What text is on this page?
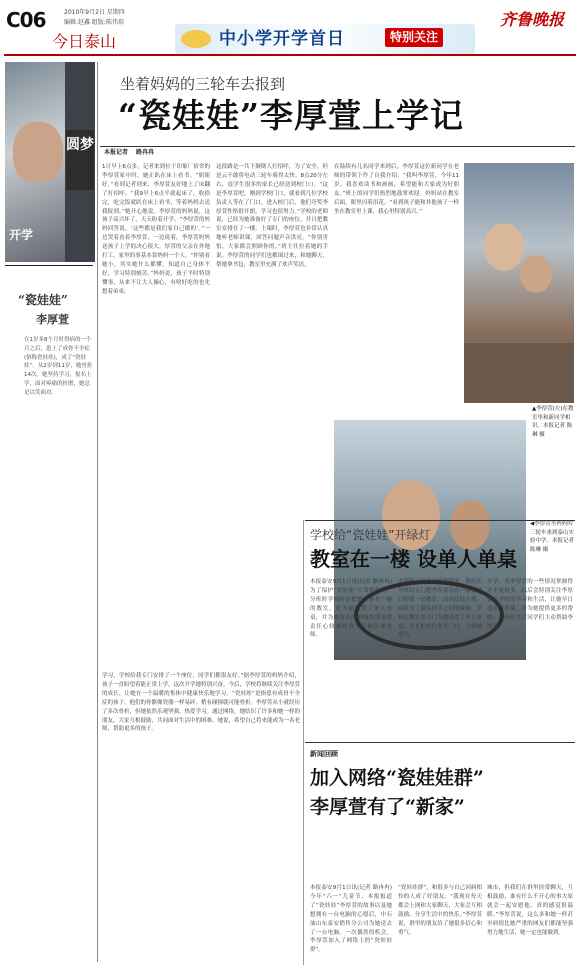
C06	2010年9月2日 星期四
编辑:赵鑫 组版:陈伟琼
今日泰山	中小学开学首日	特别关注
齐鲁晚报
开学
圆梦
“瓷娃娃”
李厚萱
在1岁多8个月时得病的一个月之后，患上了成骨不全症(俗称瓷娃娃)，成了“瓷娃娃”。从2岁到11岁，她骨折14次。她坚持学习，报名上学，面对疼痛的折磨，她总是以笑面对。
坐着妈妈的三轮车去报到
“瓷娃娃”李厚萱上学记
本报记者 路冉冉
1日早上6点多，记者来到位于印象厂宿舍的李厚萱家中时，她正趴在床上看书。“姐姐好，”看到记者到来，李厚萱友好地上了床翻了打招呼。“我9早上6点半就起床了，收拾完，吃完饭就趴在床上看书，等着妈妈去送我报到。”她开心地说。李厚萱的妈妈说，这孩子高兴坏了，天天盼着开学。“李厚萱的妈妈回答说，‘这些都是我们家自己做的’。”一边哭着看着李厚萱，一边说着，李厚萱妈妈送孩子上学的决心很大。厚萱的父亲在外地打工，家里的事基本靠妈妈一个人。“你别看她小，其实她什么都懂，知道自己身体不好，学习特别刻苦。”妈妈说，孩子平时特别懂事，从来不让大人操心，有啥好吃的也先想着弟弟。
这段路是一共下颠倒人打招呼，为了安全，但是云不敢将电动三轮车骑得太快。8点20分左右，退学生很多的家长已经送到校门口。“这是李厚萱吧，刚到学校门口，就看到几位学校负责人等在了门口，进入校门后，他们夸奖李厚萱性格很开朗，学习也很努力。”学校的老师说，已经为她准备好了专门的座位，并且把教室安排在了一楼。上课时，李厚萱也非常认真地听老师讲课，回答问题声音洪亮。“你别害怕，大家都会照顾你的。”班主任拉着她的手说。李厚萱的同学们也都围过来，和她聊天，帮她拿书包，教室里充满了欢声笑语。
在陆续有几名同学来到后，李厚萱这位新同学在老师的带领下作了自我介绍：“我叫李厚萱，今年11岁，我喜欢读书和画画，希望能和大家成为好朋友。”班上的同学们热烈地鼓掌欢迎。妈妈站在教室后面，眼里闪着泪花。“看到孩子能和其他孩子一样坐在教室里上课，我心里特别高兴。”
▲李厚萱(左)在教室里和新同学相识。本报记者 陈琳 摄
◀李厚萱坐妈妈的三轮车来到泰山实验中学。本报记者 陈琳 摄
学习，学校给我专门安排了一个座位，同学们都很友好。”据李厚萱的妈妈介绍，孩子一直盼望着能正常上学，这次开学她特别兴奋。今后，学校将继续关注李厚萱的成长，让她在一个温暖的集体中健康快乐地学习。“瓷娃娃”是指患有成骨不全症的孩子，他们的骨骼像瓷器一样易碎，稍有碰撞就可能骨折。李厚萱从小就经历了多次骨折，但她依然乐观坚强，热爱学习。通过网络，她结识了许多和她一样的朋友，大家互相鼓励，共同面对生活中的困难。她说，希望自己将来能成为一名老师，帮助更多的孩子。
学校给“瓷娃娃”开绿灯
教室在一楼 设单人单桌
本报泰安9月1日讯(记者 路冉冉)为了保护“瓷娃娃”不受到伤害，分班时学校特意把她安排在一楼的教室，还为她设置了单人单桌，并为她所在的班级特别安排责任心较强的班主任和任课老师。
虑到孩子身体的特殊情况，我们在分班时专门把李厚萱分在一楼楼梯口的第一间教室，出出比较方便。同时为了避免同学之间的碰撞，学校在教室里专门为她设置了单人单桌，并且把座位靠近门口，方便她进出。
开学，对李厚萱的一些情况掌握得还不是很多，以后会特别关注李厚萱在学校的学习和生活，让她早日适应新环境，并为她提供更多的帮助。学校还号召同学们主动帮助李厚萱。
新闻回顾
加入网络“瓷娃娃群”
李厚萱有了“新家”
本报泰安9月1日讯(记者 路冉冉)今年“六一”儿童节，本报报道了“瓷娃娃”李厚萱的故事以及她想拥有一台电脑的心愿后，中石油山东泰安销售分公司为她送去了一台电脑。一次偶然的机会，李厚萱加入了网络上的“瓷娃娃群”。
“瓷娃娃群”，和很多与自己同病相怜的人成了好朋友。“我现在每天都会上网和大家聊天，大家会互相鼓励，分享生活中的快乐。”李厚萱说，群里的朋友给了她很多信心和勇气。
城市，但我们在群里经常聊天，互相鼓励，谁有什么不开心的事大家就会一起安慰他。真的感觉很温暖。”李厚萱说，这么多和她一样甚至病情比她严重的网友们都能坚强努力地生活，她一定也能做到。
